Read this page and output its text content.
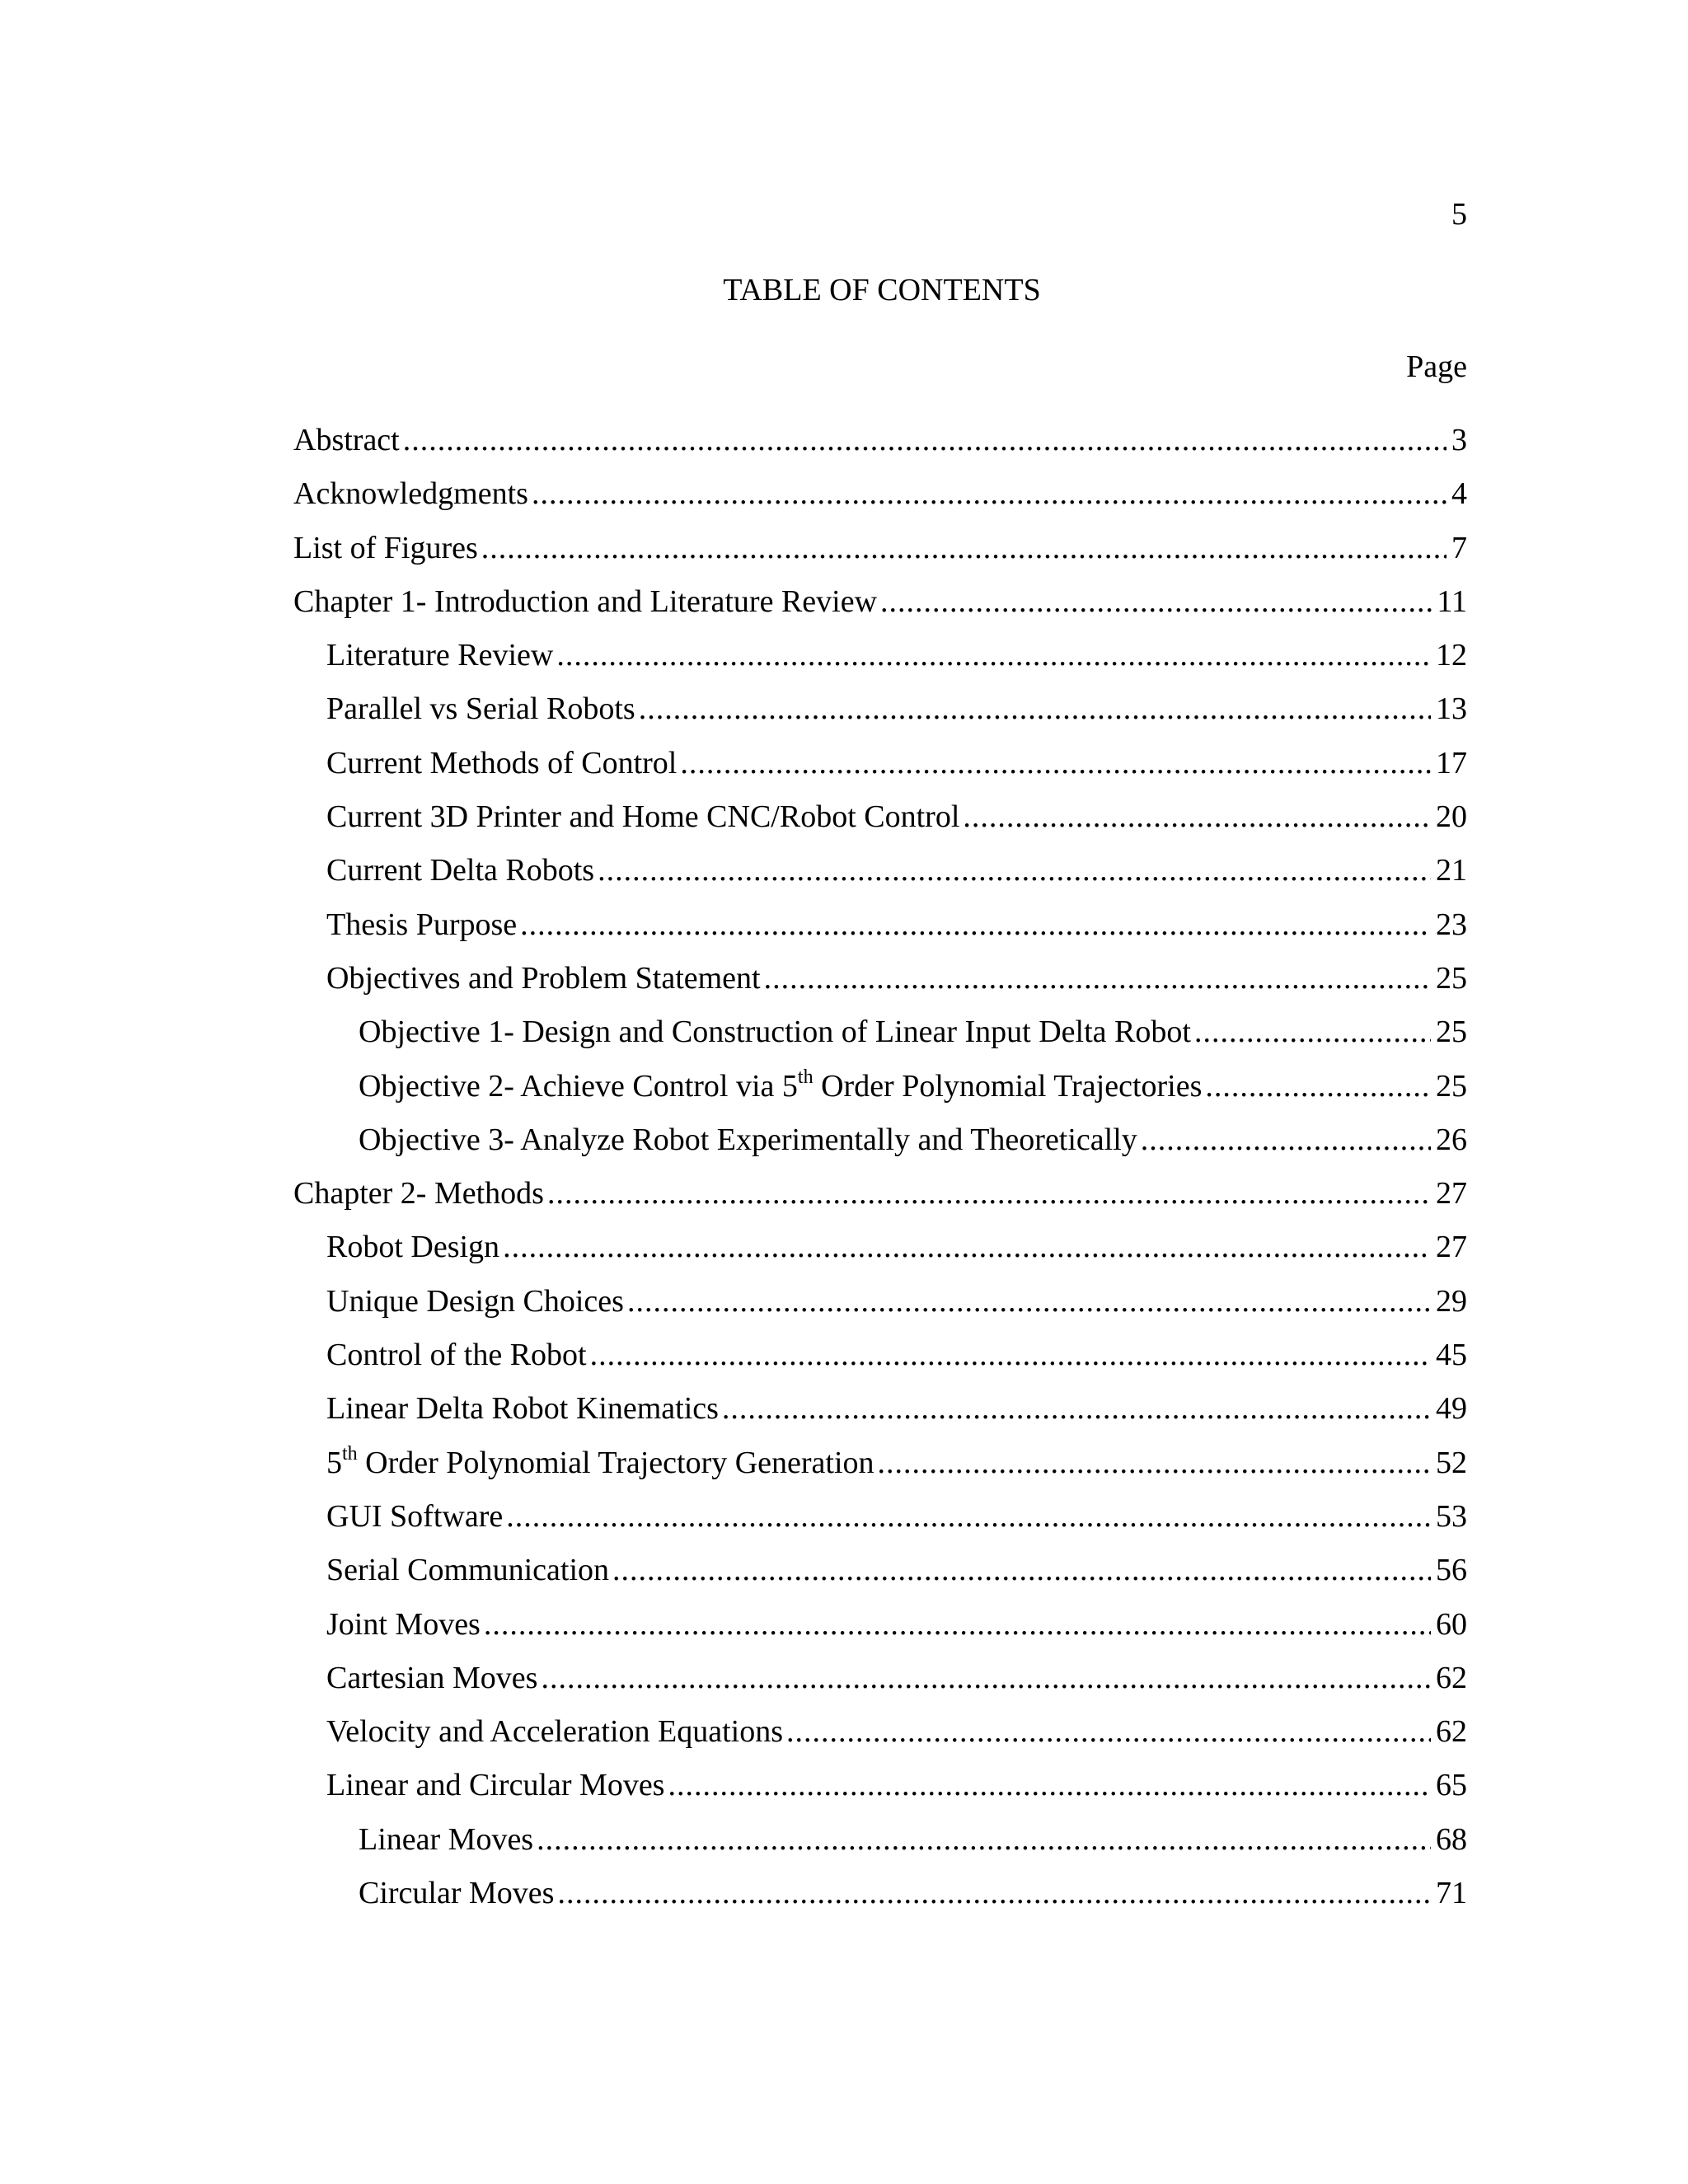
5
TABLE OF CONTENTS
Page
Abstract .....	3
Acknowledgments .....	4
List of Figures .....	7
Chapter 1- Introduction and Literature Review .....	11
Literature Review .....	12
Parallel vs Serial Robots .....	13
Current Methods of Control .....	17
Current 3D Printer and Home CNC/Robot Control .....	20
Current Delta Robots .....	21
Thesis Purpose .....	23
Objectives and Problem Statement .....	25
Objective 1- Design and Construction of Linear Input Delta Robot .....	25
Objective 2- Achieve Control via 5th Order Polynomial Trajectories .....	25
Objective 3- Analyze Robot Experimentally and Theoretically .....	26
Chapter 2- Methods .....	27
Robot Design .....	27
Unique Design Choices .....	29
Control of the Robot .....	45
Linear Delta Robot Kinematics .....	49
5th Order Polynomial Trajectory Generation .....	52
GUI Software .....	53
Serial Communication .....	56
Joint Moves .....	60
Cartesian Moves .....	62
Velocity and Acceleration Equations .....	62
Linear and Circular Moves .....	65
Linear Moves .....	68
Circular Moves .....	71
